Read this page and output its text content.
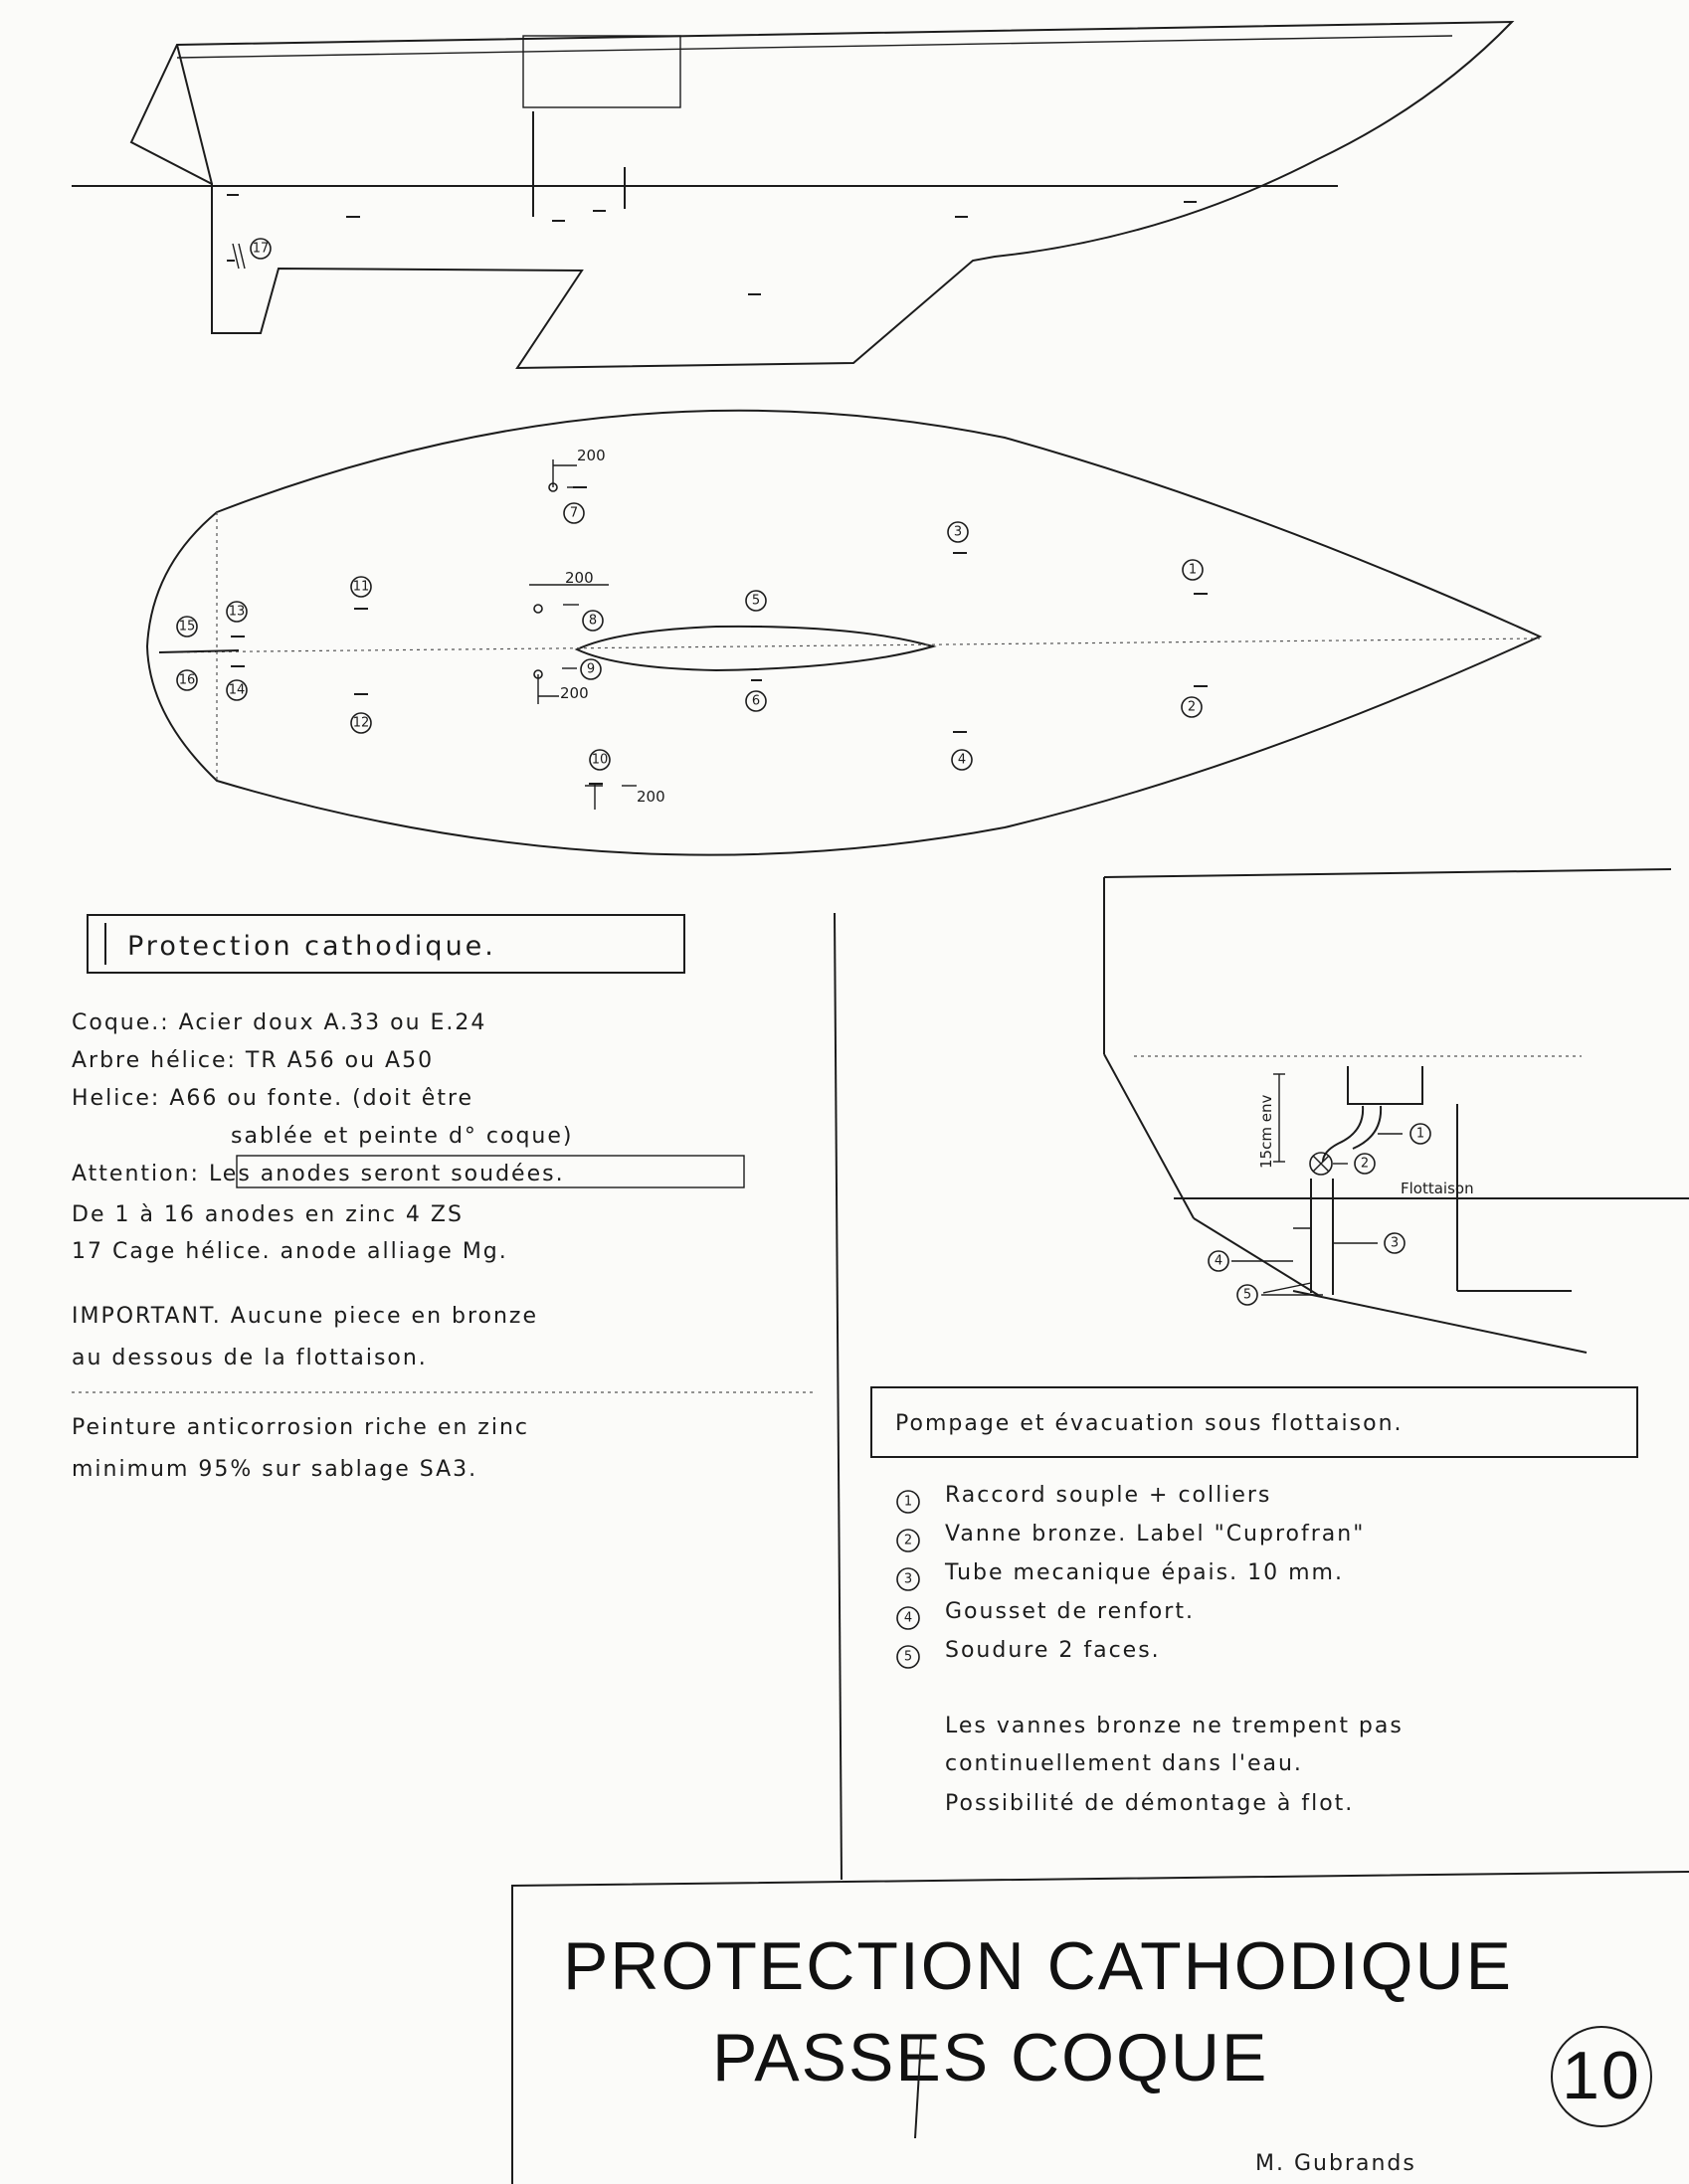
17
200
200
200
200
1
2
3
4
5
6
7
8
9
10
11
12
13
14
15
16
Protection cathodique.
Coque.: Acier doux A.33 ou E.24
Arbre hélice: TR A56 ou A50
Helice: A66 ou fonte. (doit être
sablée et peinte d° coque)
Attention: Les anodes seront soudées.
De 1 à 16 anodes en zinc 4 ZS
17 Cage hélice. anode alliage Mg.
IMPORTANT. Aucune piece en bronze
au dessous de la flottaison.
Peinture anticorrosion riche en zinc
minimum 95% sur sablage SA3.
Flottaison
15cm env	1
2
3
4
5
Pompage et évacuation sous flottaison.
1 Raccord souple + colliers
2 Vanne bronze. Label "Cuprofran"
3 Tube mecanique épais. 10 mm.
4 Gousset de renfort.
5 Soudure 2 faces.
Les vannes bronze ne trempent pas
continuellement dans l'eau.
Possibilité de démontage à flot.
PROTECTION CATHODIQUE
PASSES COQUE	10
M. Gubrands
